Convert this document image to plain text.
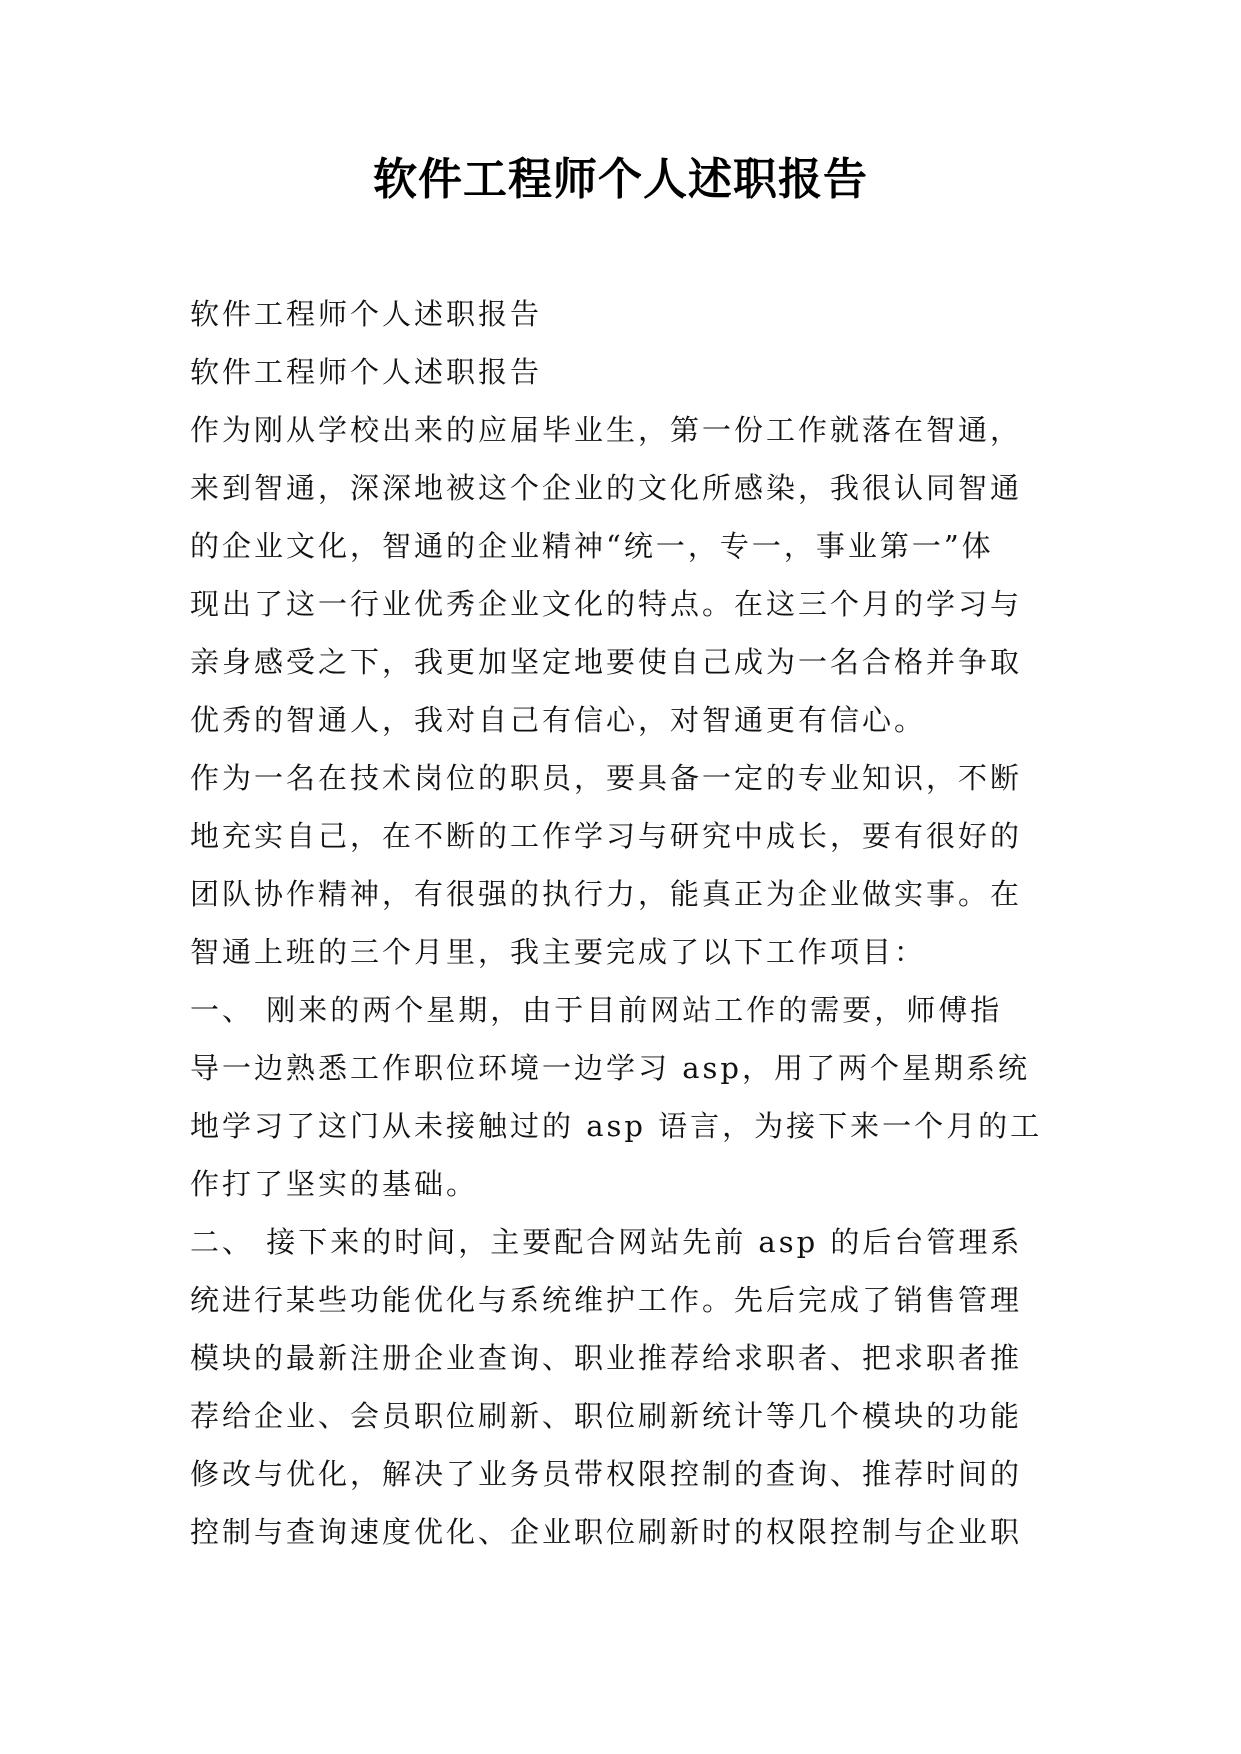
软件工程师个人述职报告
软件工程师个人述职报告
软件工程师个人述职报告
作为刚从学校出来的应届毕业生，第一份工作就落在智通，
来到智通，深深地被这个企业的文化所感染，我很认同智通
的企业文化，智通的企业精神“统一，专一，事业第一”体
现出了这一行业优秀企业文化的特点。在这三个月的学习与
亲身感受之下，我更加坚定地要使自己成为一名合格并争取
优秀的智通人，我对自己有信心，对智通更有信心。
作为一名在技术岗位的职员，要具备一定的专业知识，不断
地充实自己，在不断的工作学习与研究中成长，要有很好的
团队协作精神，有很强的执行力，能真正为企业做实事。在
智通上班的三个月里，我主要完成了以下工作项目：
一、 刚来的两个星期，由于目前网站工作的需要，师傅指
导一边熟悉工作职位环境一边学习 asp，用了两个星期系统
地学习了这门从未接触过的 asp 语言，为接下来一个月的工
作打了坚实的基础。
二、 接下来的时间，主要配合网站先前 asp 的后台管理系
统进行某些功能优化与系统维护工作。先后完成了销售管理
模块的最新注册企业查询、职业推荐给求职者、把求职者推
荐给企业、会员职位刷新、职位刷新统计等几个模块的功能
修改与优化，解决了业务员带权限控制的查询、推荐时间的
控制与查询速度优化、企业职位刷新时的权限控制与企业职
